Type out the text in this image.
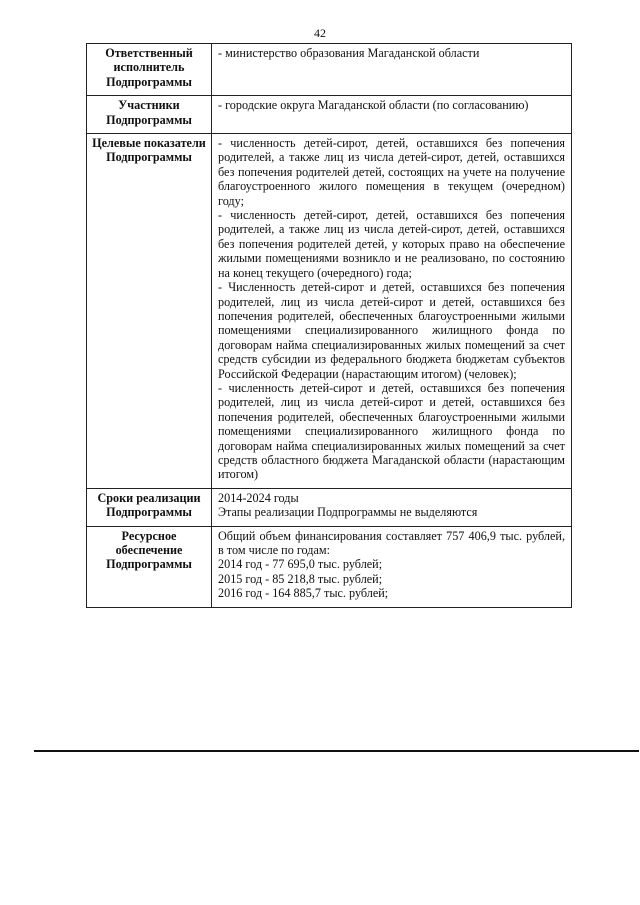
42
Ответственный исполнитель Подпрограммы	- министерство образования Магаданской области

Участники Подпрограммы	- городские округа Магаданской области (по согласованию)

Целевые показатели Подпрограммы	- численность детей-сирот, детей, оставшихся без попечения родителей, а также лиц из числа детей-сирот, детей, оставшихся без попечения родителей детей, состоящих на учете на получение благоустроенного жилого помещения в текущем (очередном) году;
- численность детей-сирот, детей, оставшихся без попечения родителей, а также лиц из числа детей-сирот, детей, оставшихся без попечения родителей детей, у которых право на обеспечение жилыми помещениями возникло и не реализовано, по состоянию на конец текущего (очередного) года;
- Численность детей-сирот и детей, оставшихся без попечения родителей, лиц из числа детей-сирот и детей, оставшихся без попечения родителей, обеспеченных благоустроенными жилыми помещениями специализированного жилищного фонда по договорам найма специализированных жилых помещений за счет средств субсидии из федерального бюджета бюджетам субъектов Российской Федерации (нарастающим итогом) (человек);
- численность детей-сирот и детей, оставшихся без попечения родителей, лиц из числа детей-сирот и детей, оставшихся без попечения родителей, обеспеченных благоустроенными жилыми помещениями специализированного жилищного фонда по договорам найма специализированных жилых помещений за счет средств областного бюджета Магаданской области (нарастающим итогом)

Сроки реализации Подпрограммы	2014-2024 годы
Этапы реализации Подпрограммы не выделяются

Ресурсное обеспечение Подпрограммы	Общий объем финансирования составляет 757 406,9 тыс. рублей, в том числе по годам:
2014 год - 77 695,0 тыс. рублей;
2015 год - 85 218,8 тыс. рублей;
2016 год - 164 885,7 тыс. рублей;
